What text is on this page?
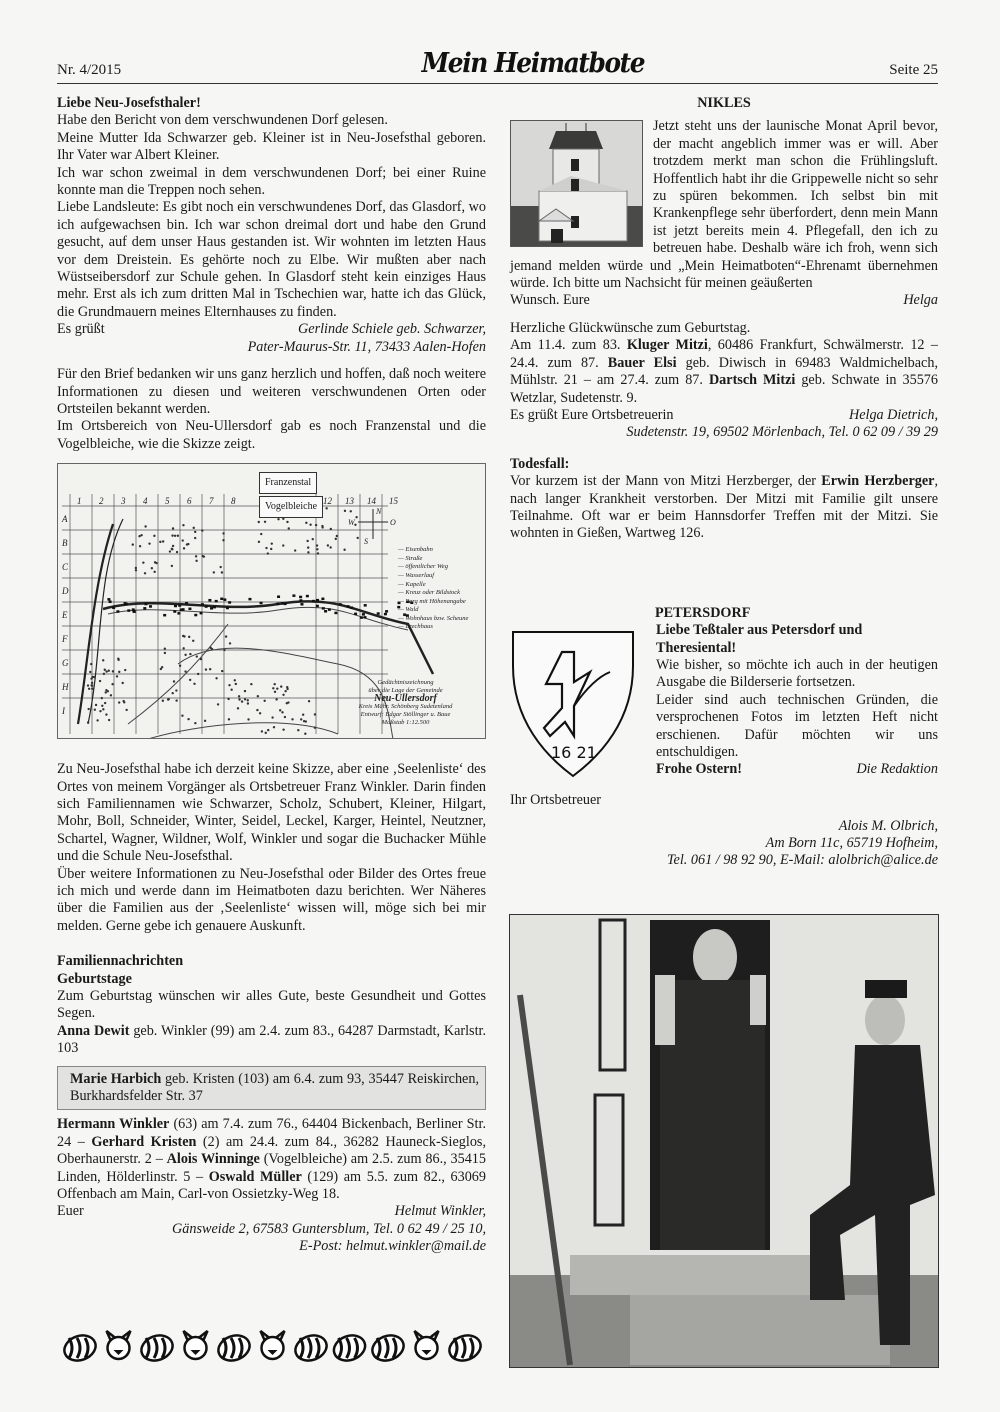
Nr. 4/2015	Mein Heimatbote	Seite 25
Liebe Neu-Josefsthaler!

Habe den Bericht von dem verschwundenen Dorf gelesen.

Meine Mutter Ida Schwarzer geb. Kleiner ist in Neu-Josefsthal geboren. Ihr Vater war Albert Kleiner.

Ich war schon zweimal in dem verschwundenen Dorf; bei einer Ruine konnte man die Treppen noch sehen.

Liebe Landsleute: Es gibt noch ein verschwundenes Dorf, das Glasdorf, wo ich aufgewachsen bin. Ich war schon dreimal dort und habe den Grund gesucht, auf dem unser Haus gestanden ist. Wir wohnten im letzten Haus vor dem Dreistein. Es gehörte noch zu Elbe. Wir mußten aber nach Wüstseibersdorf zur Schule gehen. In Glasdorf steht kein einziges Haus mehr. Erst als ich zum dritten Mal in Tschechien war, hatte ich das Glück, die Grundmauern meines Elternhauses zu finden.

Es grüßt	Gerlinde Schiele geb. Schwarzer,
Pater-Maurus-Str. 11, 73433 Aalen-Hofen

Für den Brief bedanken wir uns ganz herzlich und hoffen, daß noch weitere Informationen zu diesen und weiteren verschwundenen Orten oder Ortsteilen bekannt werden.

Im Ortsbereich von Neu-Ullersdorf gab es noch Franzenstal und die Vogelbleiche, wie die Skizze zeigt.

N
W	O
S
1 2 3 4 5 6 7 8	12 13 14 15
A
B
C
D
E
F
G
H
I
Franzenstal
Vogelbleiche
— Eisenbahn
— Straße
— öffentlicher Weg
— Wasserlauf
— Kapelle
— Kreuz oder Bildstock
— Berg mit Höhenangabe
— Wald
— Wohnhaus bzw. Scheune
— Brechhaus
Gedächtniszeichnung
über die Lage der Gemeinde
Neu-Ullersdorf
Kreis Mähr. Schönberg Sudetenland
Entwurf: Edgar Stöllinger u. Baue
Maßstab 1:12.500

Zu Neu-Josefsthal habe ich derzeit keine Skizze, aber eine ‚Seelenliste‘ des Ortes von meinem Vorgänger als Ortsbetreuer Franz Winkler. Darin finden sich Familiennamen wie Schwarzer, Scholz, Schubert, Kleiner, Hilgart, Mohr, Boll, Schneider, Winter, Seidel, Leckel, Karger, Heintel, Neutzner, Schartel, Wagner, Wildner, Wolf, Winkler und sogar die Buchacker Mühle und die Schule Neu-Josefsthal.

Über weitere Informationen zu Neu-Josefsthal oder Bilder des Ortes freue ich mich und werde dann im Heimatboten dazu berichten. Wer Näheres über die Familien aus der ‚Seelenliste‘ wissen will, möge sich bei mir melden. Gerne gebe ich genauere Auskunft.

Familiennachrichten
Geburtstage

Zum Geburtstag wünschen wir alles Gute, beste Gesundheit und Gottes Segen.

Anna Dewit geb. Winkler (99) am 2.4. zum 83., 64287 Darmstadt, Karlstr. 103

Marie Harbich geb. Kristen (103) am 6.4. zum 93, 35447 Reiskirchen, Burkhardsfelder Str. 37

Hermann Winkler (63) am 7.4. zum 76., 64404 Bickenbach, Berliner Str. 24 – Gerhard Kristen (2) am 24.4. zum 84., 36282 Hauneck-Sieglos, Oberhaunerstr. 2 – Alois Winninge (Vogelbleiche) am 2.5. zum 86., 35415 Linden, Hölderlinstr. 5 – Oswald Müller (129) am 5.5. zum 82., 63069 Offenbach am Main, Carl-von Ossietzky-Weg 18.

Euer	Helmut Winkler,
Gänsweide 2, 67583 Guntersblum, Tel. 0 62 49 / 25 10,
E-Post: helmut.winkler@mail.de
NIKLES

Jetzt steht uns der launische Monat April bevor, der macht angeblich immer was er will. Aber trotzdem merkt man schon die Frühlingsluft. Hoffentlich habt ihr die Grippewelle nicht so sehr zu spüren bekommen. Ich selbst bin mit Krankenpflege sehr überfordert, denn mein Mann ist jetzt bereits mein 4. Pflegefall, den ich zu betreuen habe. Deshalb wäre ich froh, wenn sich jemand melden würde und „Mein Heimatboten“-Ehrenamt übernehmen würde. Ich bitte um Nachsicht für meinen geäußerten

Wunsch. Eure	Helga
Herzliche Glückwünsche zum Geburtstag.

Am 11.4. zum 83. Kluger Mitzi, 60486 Frankfurt, Schwälmerstr. 12 – 24.4. zum 87. Bauer Elsi geb. Diwisch in 69483 Waldmichelbach, Mühlstr. 21 – am 27.4. zum 87. Dartsch Mitzi geb. Schwate in 35576 Wetzlar, Sudetenstr. 9.

Es grüßt Eure Ortsbetreuerin	Helga Dietrich,
Sudetenstr. 19, 69502 Mörlenbach, Tel. 0 62 09 / 39 29
Todesfall:

Vor kurzem ist der Mann von Mitzi Herzberger, der Erwin Herzberger, nach langer Krankheit verstorben. Der Mitzi mit Familie gilt unsere Teilnahme. Oft war er beim Hannsdorfer Treffen mit der Mitzi. Sie wohnten in Gießen, Wartweg 126.

PETERSDORF
16 21
Liebe Teßtaler aus Petersdorf und Theresiental!

Wie bisher, so möchte ich auch in der heutigen Ausgabe die Bilderserie fortsetzen.

Leider sind auch technischen Gründen, die versprochenen Fotos im letzten Heft nicht erschienen. Dafür möchten wir uns entschuldigen.

Frohe Ostern!	Die Redaktion
Ihr Ortsbetreuer
Alois M. Olbrich,
Am Born 11c, 65719 Hofheim,
Tel. 061 / 98 92 90, E-Mail: alolbrich@alice.de
